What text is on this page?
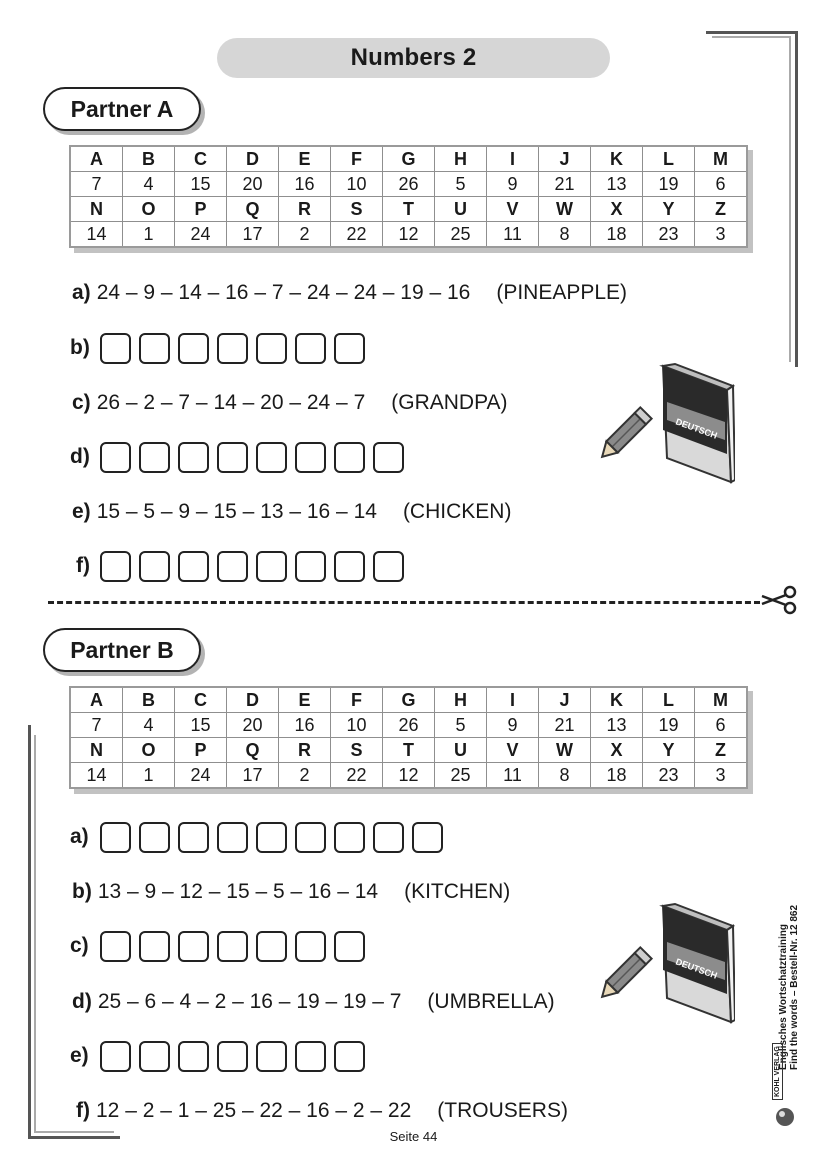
Numbers 2
Partner A
A	B	C	D	E	F	G	H	I	J	K	L	M
7	4	15	20	16	10	26	5	9	21	13	19	6
N	O	P	Q	R	S	T	U	V	W	X	Y	Z
14	1	24	17	2	22	12	25	11	8	18	23	3
a) 24 – 9 – 14 – 16 – 7 – 24 – 24 – 19 – 16 (PINEAPPLE)
b)
c) 26 – 2 – 7 – 14 – 20 – 24 – 7 (GRANDPA)
d)
e) 15 – 5 – 9 – 15 – 13 – 16 – 14 (CHICKEN)
f)
DEUTSCH
Partner B
A	B	C	D	E	F	G	H	I	J	K	L	M
7	4	15	20	16	10	26	5	9	21	13	19	6
N	O	P	Q	R	S	T	U	V	W	X	Y	Z
14	1	24	17	2	22	12	25	11	8	18	23	3
a)
b) 13 – 9 – 12 – 15 – 5 – 16 – 14 (KITCHEN)
c)
d) 25 – 6 – 4 – 2 – 16 – 19 – 19 – 7 (UMBRELLA)
e)
f) 12 – 2 – 1 – 25 – 22 – 16 – 2 – 22 (TROUSERS)
DEUTSCH	Englisches Wortschatztraining Find the words – Bestell-Nr. 12 862
KOHL VERLAG
Seite 44
